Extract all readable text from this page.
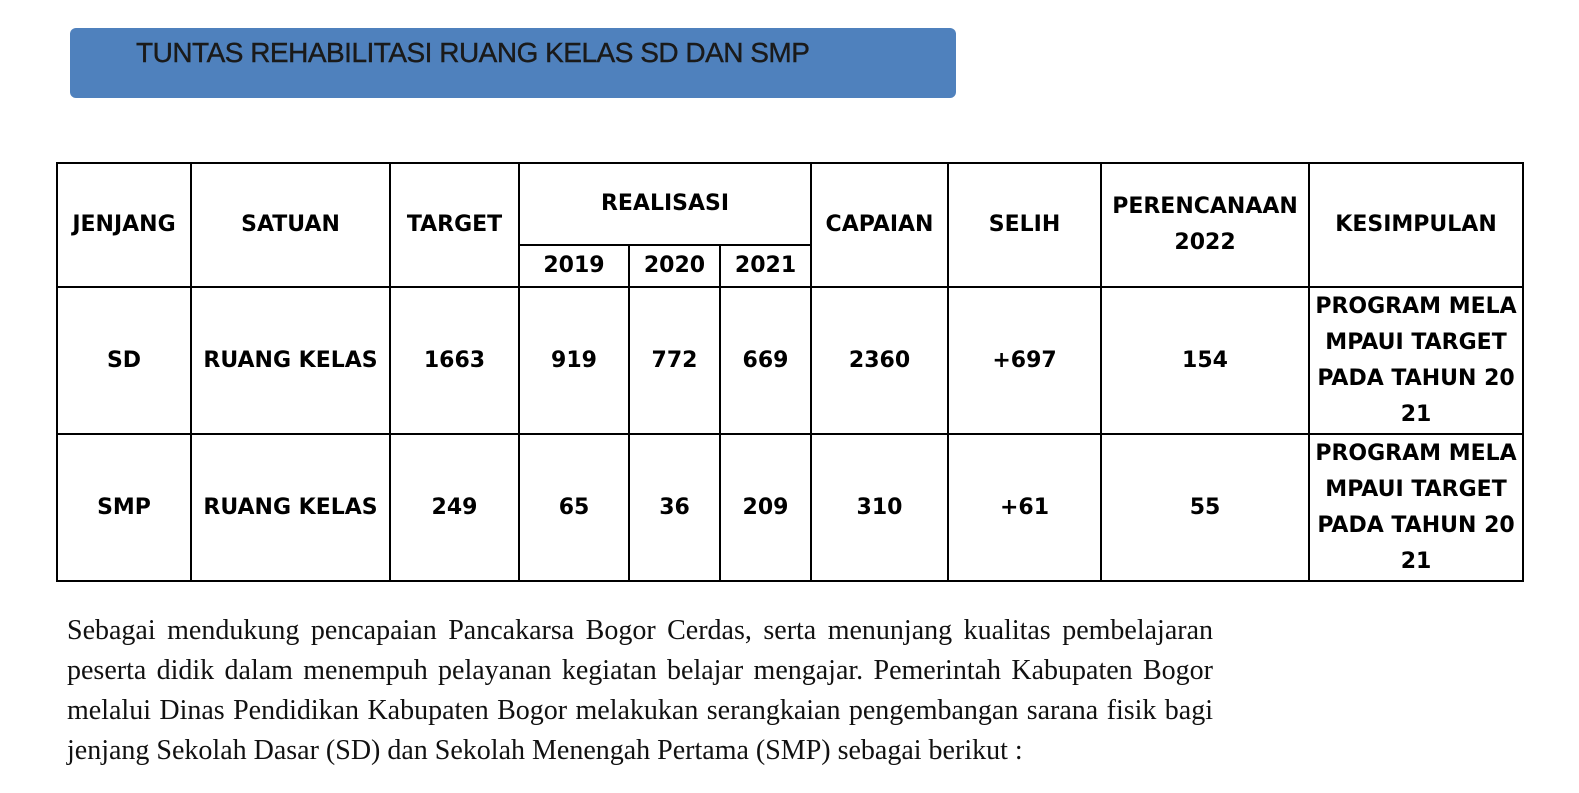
TUNTAS REHABILITASI RUANG KELAS SD DAN SMP
JENJANG	SATUAN	TARGET	REALISASI			CAPAIAN	SELIH	PERENCANAAN 2022	KESIMPULAN
			2019	2020	2021				
SD	RUANG KELAS	1663	919	772	669	2360	+697	154	PROGRAM MELAMPAUI TARGET PADA TAHUN 2021
SMP	RUANG KELAS	249	65	36	209	310	+61	55	PROGRAM MELAMPAUI TARGET PADA TAHUN 2021

Sebagai mendukung pencapaian Pancakarsa Bogor Cerdas, serta menunjang kualitas pembelajaran peserta didik dalam menempuh pelayanan kegiatan belajar mengajar. Pemerintah Kabupaten Bogor melalui Dinas Pendidikan Kabupaten Bogor melakukan serangkaian pengembangan sarana fisik bagi jenjang Sekolah Dasar (SD) dan Sekolah Menengah Pertama (SMP) sebagai berikut :
